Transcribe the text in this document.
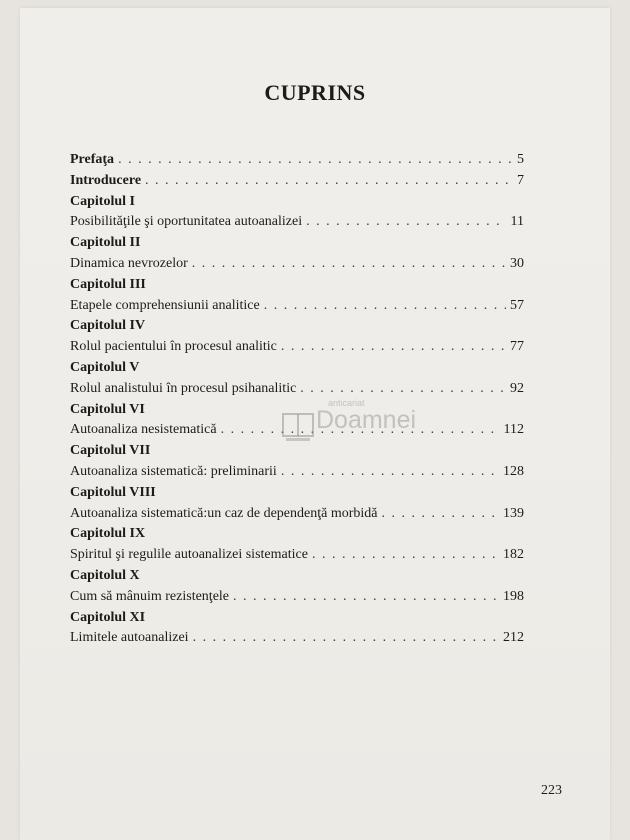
CUPRINS
Prefaţa . . .	5
Introducere . . .	7
Capitolul I
Posibilităţile şi oportunitatea autoanalizei . . .	11
Capitolul II
Dinamica nevrozelor . . .	30
Capitolul III
Etapele comprehensiunii analitice . . .	57
Capitolul IV
Rolul pacientului în procesul analitic . . .	77
Capitolul V
Rolul analistului în procesul psihanalitic . . .	92
Capitolul VI
Autoanaliza nesistematică . . .	112
Capitolul VII
Autoanaliza sistematică: preliminarii . . .	128
Capitolul VIII
Autoanaliza sistematică:un caz de dependenţă morbidă . . .	139
Capitolul IX
Spiritul şi regulile autoanalizei sistematice . . .	182
Capitolul X
Cum să mânuim rezistenţele . . .	198
Capitolul XI
Limitele autoanalizei . . .	212
anticariat
Doamnei
223
